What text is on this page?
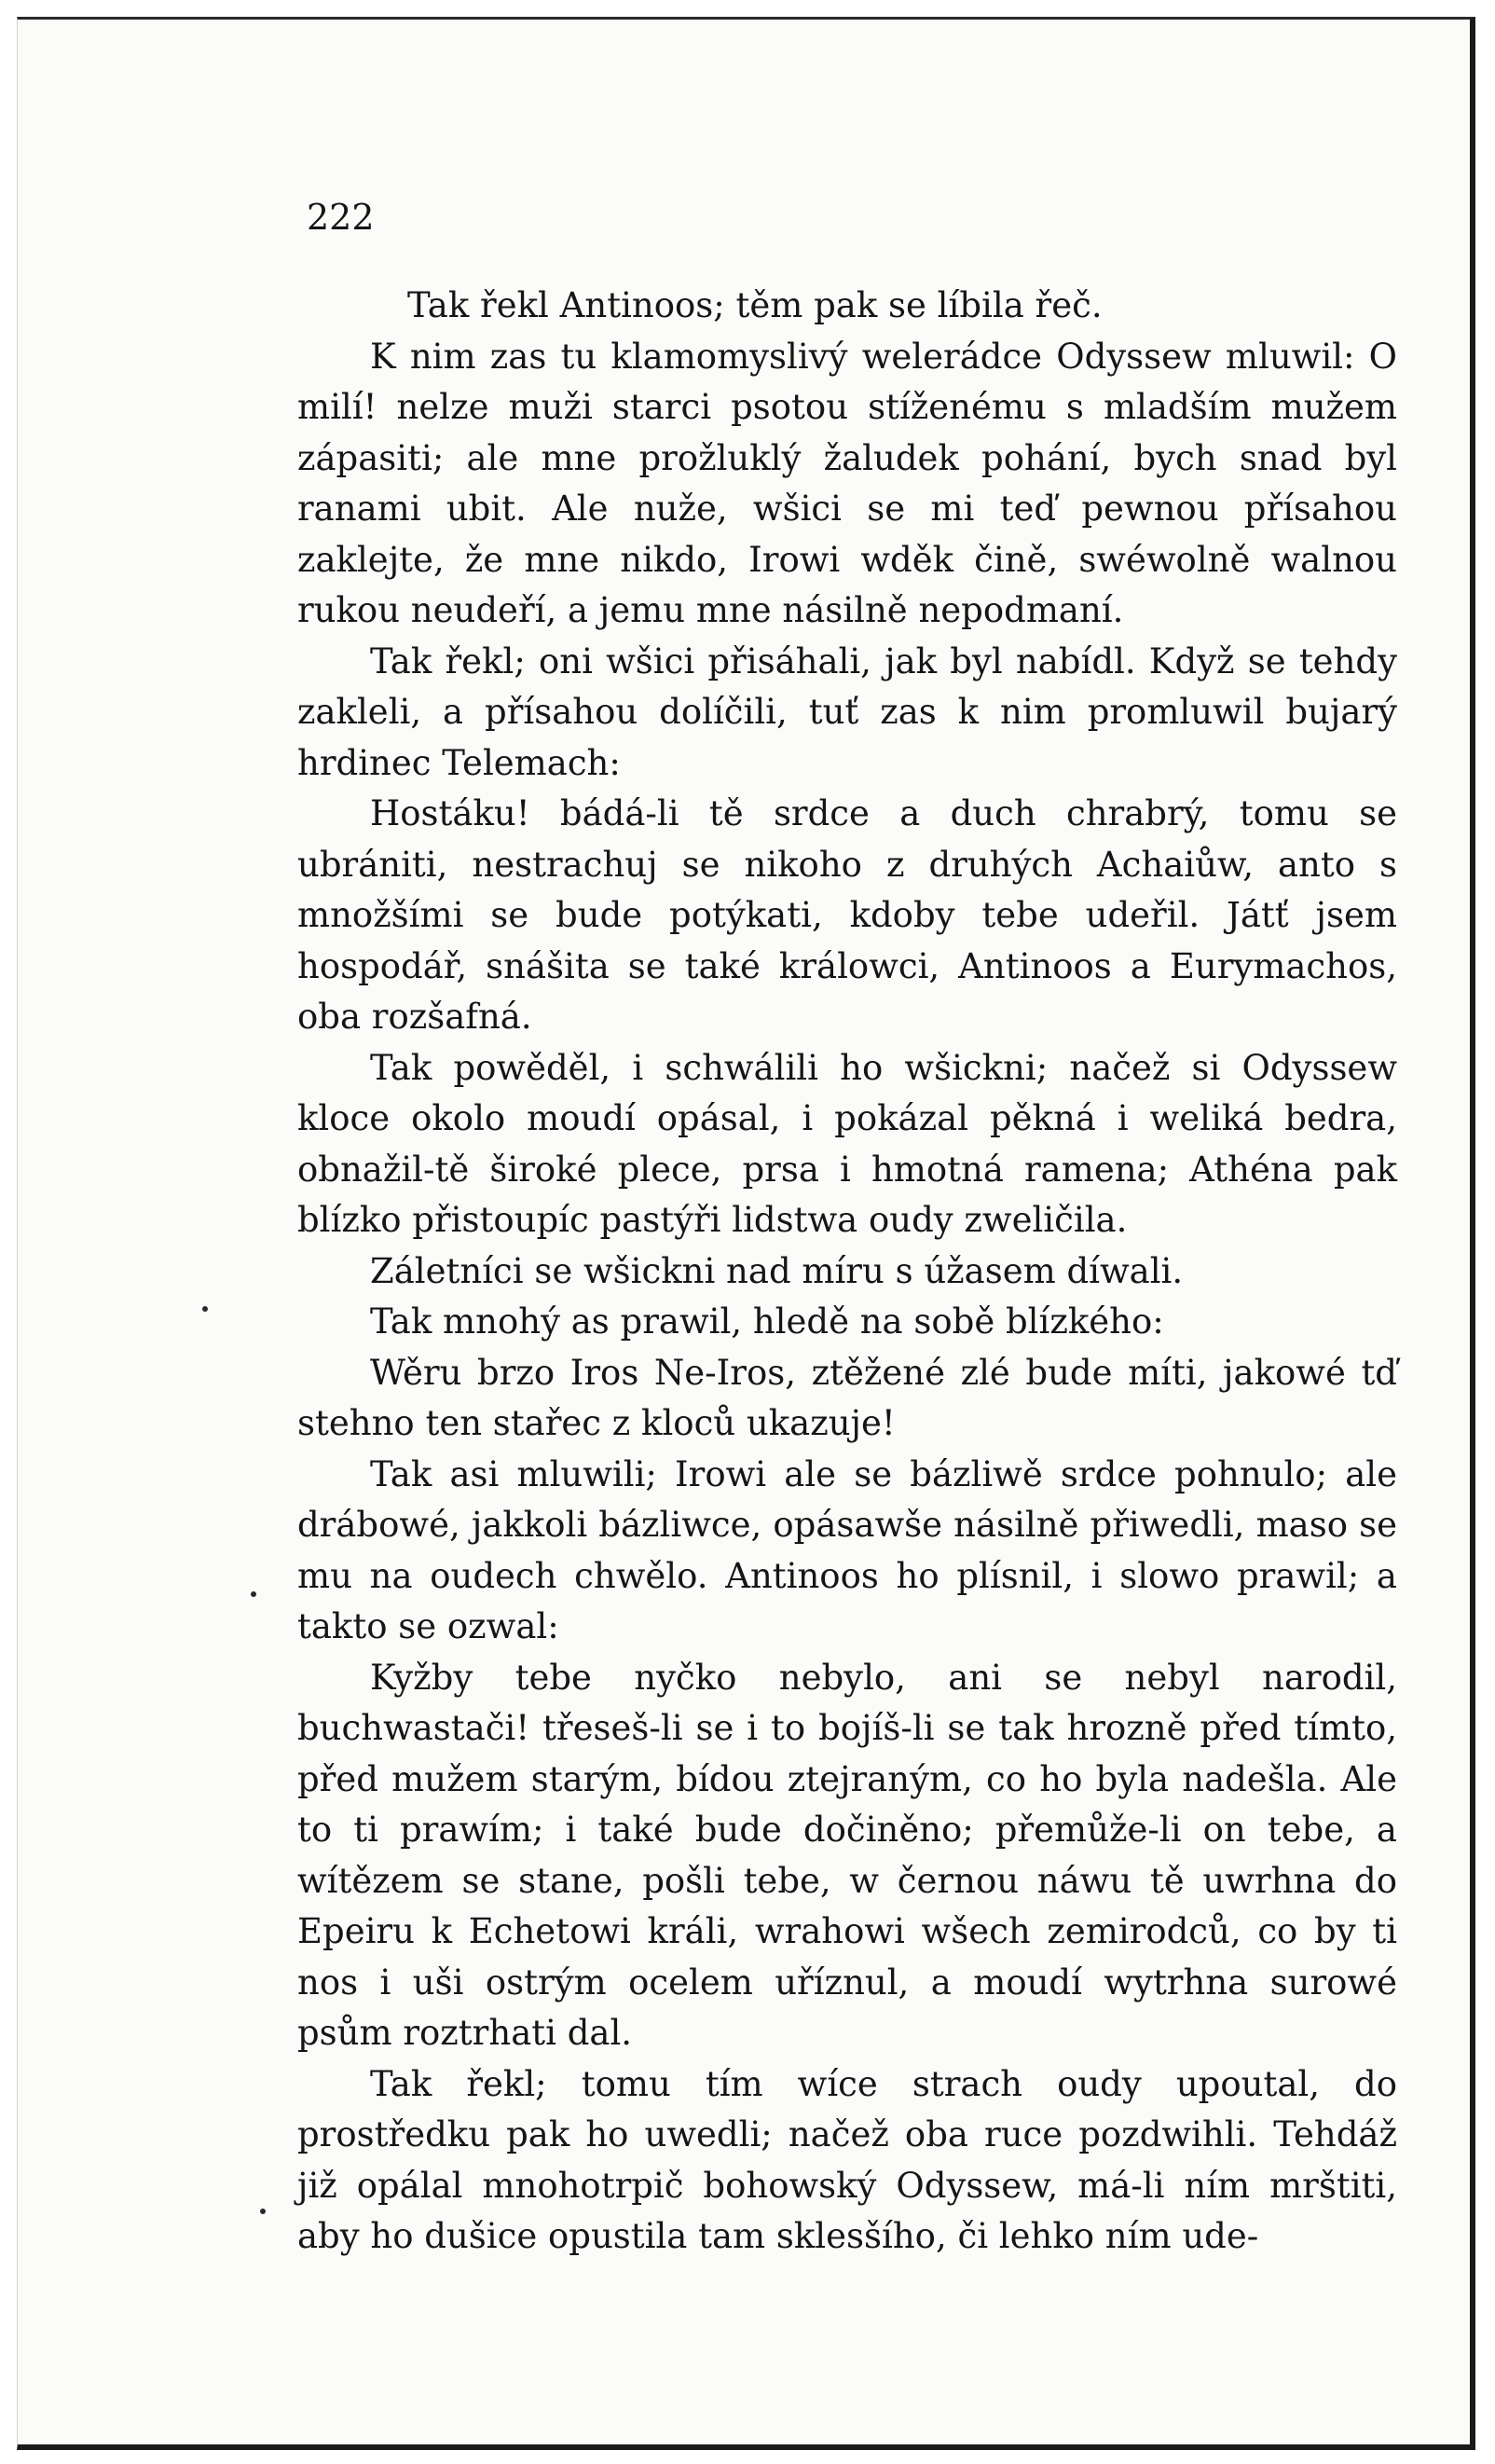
222

Tak řekl Antinoos; těm pak se líbila řeč.

K nim zas tu klamomyslivý welerádce Odyssew mluwil: O milí! nelze muži starci psotou stíženému s mladším mužem zápasiti; ale mne prožluklý žaludek pohání, bych snad byl ranami ubit. Ale nuže, wšici se mi teď pewnou přísahou zaklejte, že mne nikdo, Irowi wděk čině, swéwolně walnou rukou neudeří, a jemu mne násilně nepodmaní.

Tak řekl; oni wšici přisáhali, jak byl nabídl. Když se tehdy zakleli, a přísahou dolíčili, tuť zas k nim promluwil bujarý hrdinec Telemach:

Hostáku! bádá-li tě srdce a duch chrabrý, tomu se ubrániti, nestrachuj se nikoho z druhých Achaiůw, anto s množšími se bude potýkati, kdoby tebe udeřil. Játť jsem hospodář, snášita se také králowci, Antinoos a Eurymachos, oba rozšafná.

Tak powěděl, i schwálili ho wšickni; načež si Odyssew kloce okolo moudí opásal, i pokázal pěkná i weliká bedra, obnažil-tě široké plece, prsa i hmotná ramena; Athéna pak blízko přistoupíc pastýři lidstwa oudy zweličila.

Záletníci se wšickni nad míru s úžasem díwali.

Tak mnohý as prawil, hledě na sobě blízkého:

Wěru brzo Iros Ne-Iros, ztěžené zlé bude míti, jakowé tď stehno ten stařec z kloců ukazuje!

Tak asi mluwili; Irowi ale se bázliwě srdce pohnulo; ale drábowé, jakkoli bázliwce, opásawše násilně přiwedli, maso se mu na oudech chwělo. Antinoos ho plísnil, i slowo prawil; a takto se ozwal:

Kyžby tebe nyčko nebylo, ani se nebyl narodil, buchwastači! třeseš-li se i to bojíš-li se tak hrozně před tímto, před mužem starým, bídou ztejraným, co ho byla nadešla. Ale to ti prawím; i také bude dočiněno; přemůže-li on tebe, a wítězem se stane, pošli tebe, w černou náwu tě uwrhna do Epeiru k Echetowi králi, wrahowi wšech zemirodců, co by ti nos i uši ostrým ocelem uříznul, a moudí wytrhna surowé psům roztrhati dal.

Tak řekl; tomu tím wíce strach oudy upoutal, do prostředku pak ho uwedli; načež oba ruce pozdwihli. Tehdáž již opálal mnohotrpič bohowský Odyssew, má-li ním mrštiti, aby ho dušice opustila tam sklesšího, či lehko ním ude-
